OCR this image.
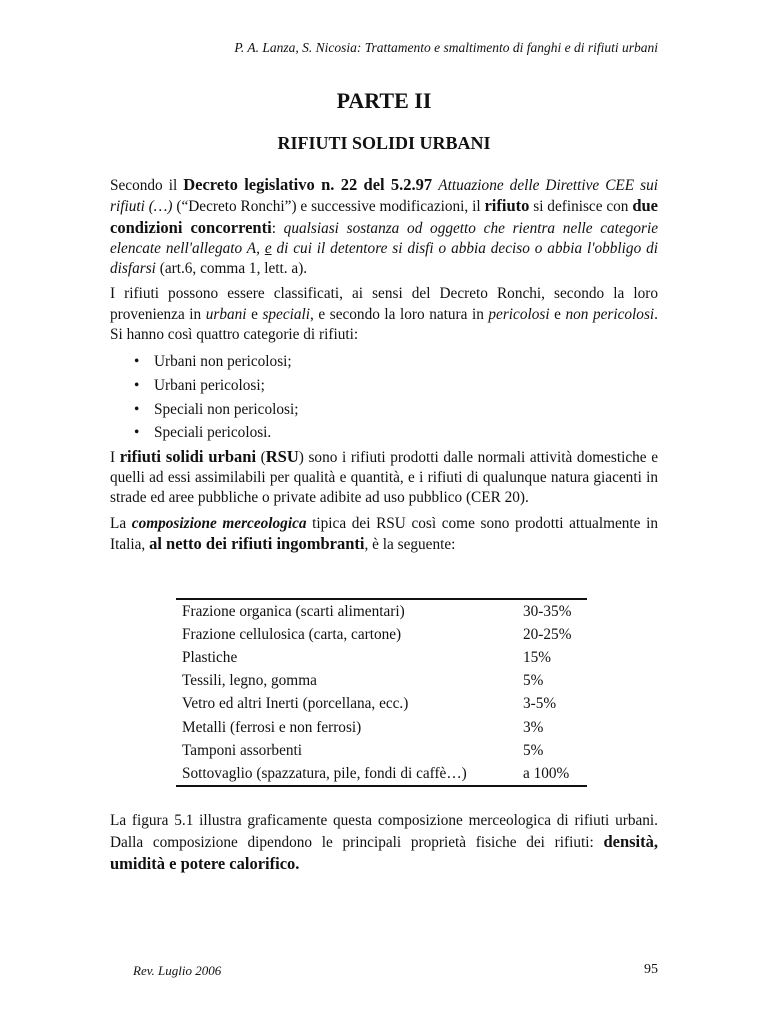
P. A. Lanza, S. Nicosia: Trattamento e smaltimento di fanghi e di rifiuti urbani
PARTE II
RIFIUTI SOLIDI URBANI

Secondo il Decreto legislativo n. 22 del 5.2.97 Attuazione delle Direttive CEE sui rifiuti (…) (“Decreto Ronchi”) e successive modificazioni, il rifiuto si definisce con due condizioni concorrenti: qualsiasi sostanza od oggetto che rientra nelle categorie elencate nell'allegato A, e di cui il detentore si disfi o abbia deciso o abbia l'obbligo di disfarsi (art.6, comma 1, lett. a).

I rifiuti possono essere classificati, ai sensi del Decreto Ronchi, secondo la loro provenienza in urbani e speciali, e secondo la loro natura in pericolosi e non pericolosi. Si hanno così quattro categorie di rifiuti:

• Urbani non pericolosi;
• Urbani pericolosi;
• Speciali non pericolosi;
• Speciali pericolosi.

I rifiuti solidi urbani (RSU) sono i rifiuti prodotti dalle normali attività domestiche e quelli ad essi assimilabili per qualità e quantità, e i rifiuti di qualunque natura giacenti in strade ed aree pubbliche o private adibite ad uso pubblico (CER 20).

La composizione merceologica tipica dei RSU così come sono prodotti attualmente in Italia, al netto dei rifiuti ingombranti, è la seguente:

Frazione organica (scarti alimentari)	30-35%
Frazione cellulosica (carta, cartone)	20-25%
Plastiche	15%
Tessili, legno, gomma	5%
Vetro ed altri Inerti (porcellana, ecc.)	3-5%
Metalli (ferrosi e non ferrosi)	3%
Tamponi assorbenti	5%
Sottovaglio (spazzatura, pile, fondi di caffè…)	a 100%
La figura 5.1 illustra graficamente questa composizione merceologica di rifiuti urbani. Dalla composizione dipendono le principali proprietà fisiche dei rifiuti: densità, umidità e potere calorifico.
Rev. Luglio 2006	95
